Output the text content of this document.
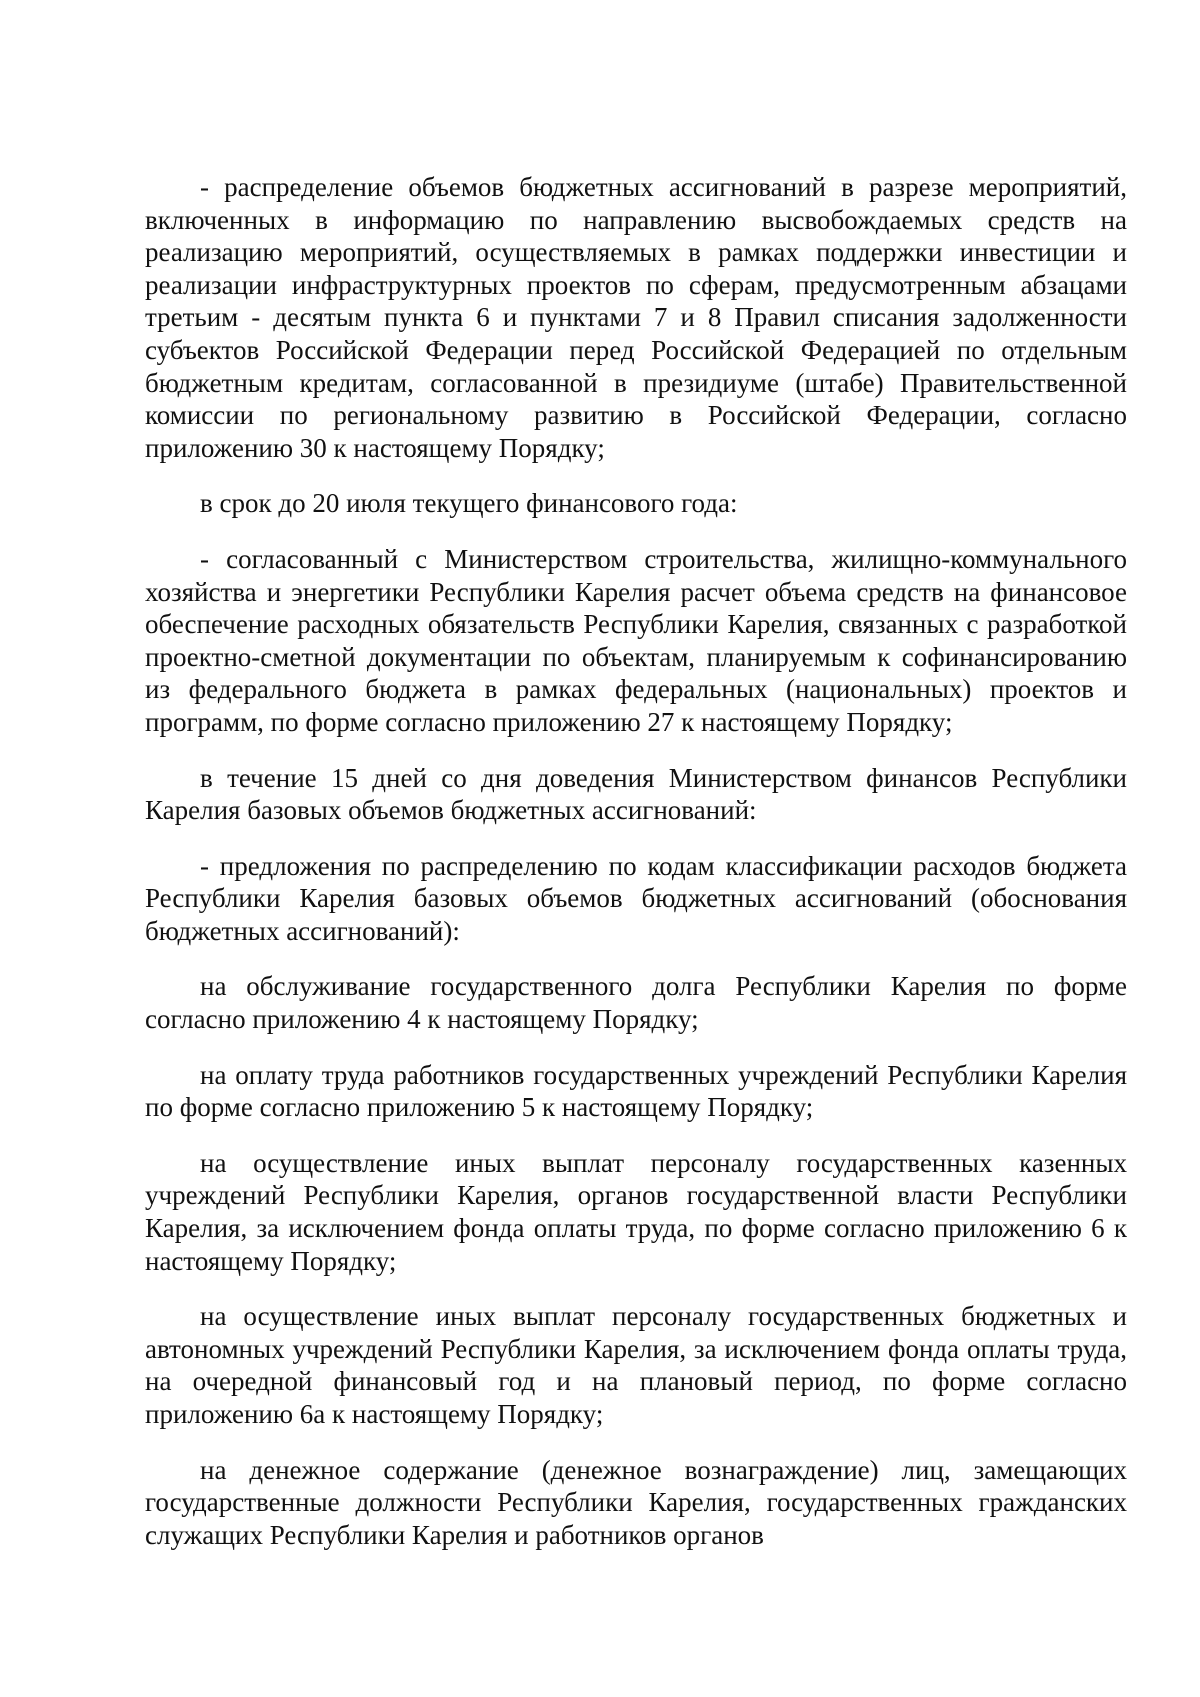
- распределение объемов бюджетных ассигнований в разрезе мероприятий, включенных в информацию по направлению высвобождаемых средств на реализацию мероприятий, осуществляемых в рамках поддержки инвестиции и реализации инфраструктурных проектов по сферам, предусмотренным абзацами третьим - десятым пункта 6 и пунктами 7 и 8 Правил списания задолженности субъектов Российской Федерации перед Российской Федерацией по отдельным бюджетным кредитам, согласованной в президиуме (штабе) Правительственной комиссии по региональному развитию в Российской Федерации, согласно приложению 30 к настоящему Порядку;

в срок до 20 июля текущего финансового года:

- согласованный с Министерством строительства, жилищно-коммунального хозяйства и энергетики Республики Карелия расчет объема средств на финансовое обеспечение расходных обязательств Республики Карелия, связанных с разработкой проектно-сметной документации по объектам, планируемым к софинансированию из федерального бюджета в рамках федеральных (национальных) проектов и программ, по форме согласно приложению 27 к настоящему Порядку;

в течение 15 дней со дня доведения Министерством финансов Республики Карелия базовых объемов бюджетных ассигнований:

- предложения по распределению по кодам классификации расходов бюджета Республики Карелия базовых объемов бюджетных ассигнований (обоснования бюджетных ассигнований):

на обслуживание государственного долга Республики Карелия по форме согласно приложению 4 к настоящему Порядку;

на оплату труда работников государственных учреждений Республики Карелия по форме согласно приложению 5 к настоящему Порядку;

на осуществление иных выплат персоналу государственных казенных учреждений Республики Карелия, органов государственной власти Республики Карелия, за исключением фонда оплаты труда, по форме согласно приложению 6 к настоящему Порядку;

на осуществление иных выплат персоналу государственных бюджетных и автономных учреждений Республики Карелия, за исключением фонда оплаты труда, на очередной финансовый год и на плановый период, по форме согласно приложению 6а к настоящему Порядку;

на денежное содержание (денежное вознаграждение) лиц, замещающих государственные должности Республики Карелия, государственных гражданских служащих Республики Карелия и работников органов
